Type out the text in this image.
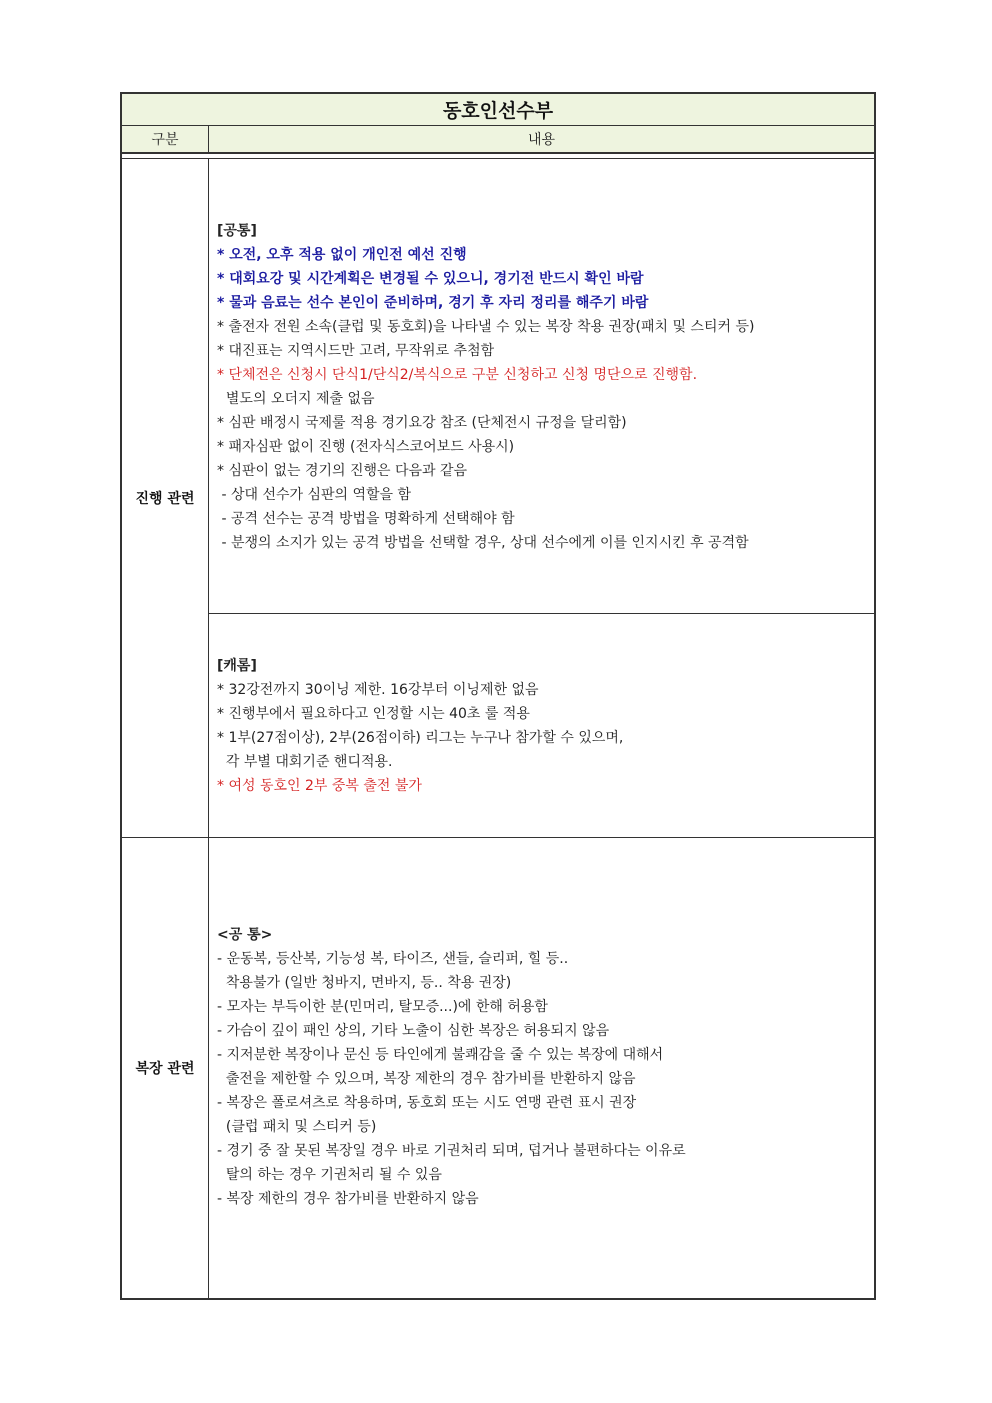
동호인선수부
구분	내용
진행 관련
[공통]
* 오전, 오후 적용 없이 개인전 예선 진행
* 대회요강 및 시간계획은 변경될 수 있으니, 경기전 반드시 확인 바람
* 물과 음료는 선수 본인이 준비하며, 경기 후 자리 정리를 해주기 바람
* 출전자 전원 소속(클럽 및 동호회)을 나타낼 수 있는 복장 착용 권장(패치 및 스티커 등)
* 대진표는 지역시드만 고려, 무작위로 추첨함
* 단체전은 신청시 단식1/단식2/복식으로 구분 신청하고 신청 명단으로 진행함.
별도의 오더지 제출 없음
* 심판 배정시 국제룰 적용 경기요강 참조 (단체전시 규정을 달리함)
* 패자심판 없이 진행 (전자식스코어보드 사용시)
* 심판이 없는 경기의 진행은 다음과 같음
- 상대 선수가 심판의 역할을 함
- 공격 선수는 공격 방법을 명확하게 선택해야 함
- 분쟁의 소지가 있는 공격 방법을 선택할 경우, 상대 선수에게 이를 인지시킨 후 공격함
[캐롬]
* 32강전까지 30이닝 제한. 16강부터 이닝제한 없음
* 진행부에서 필요하다고 인정할 시는 40초 룰 적용
* 1부(27점이상), 2부(26점이하) 리그는 누구나 참가할 수 있으며,
각 부별 대회기준 핸디적용.
* 여성 동호인 2부 중복 출전 불가
복장 관련
<공 통>
- 운동복, 등산복, 기능성 복, 타이즈, 샌들, 슬리퍼, 힐 등..
착용불가 (일반 청바지, 면바지, 등.. 착용 권장)
- 모자는 부득이한 분(민머리, 탈모증...)에 한해 허용함
- 가슴이 깊이 패인 상의, 기타 노출이 심한 복장은 허용되지 않음
- 지저분한 복장이나 문신 등 타인에게 불쾌감을 줄 수 있는 복장에 대해서
출전을 제한할 수 있으며, 복장 제한의 경우 참가비를 반환하지 않음
- 복장은 폴로셔츠로 착용하며, 동호회 또는 시도 연맹 관련 표시 권장
(클럽 패치 및 스티커 등)
- 경기 중 잘 못된 복장일 경우 바로 기권처리 되며, 덥거나 불편하다는 이유로
탈의 하는 경우 기권처리 될 수 있음
- 복장 제한의 경우 참가비를 반환하지 않음
